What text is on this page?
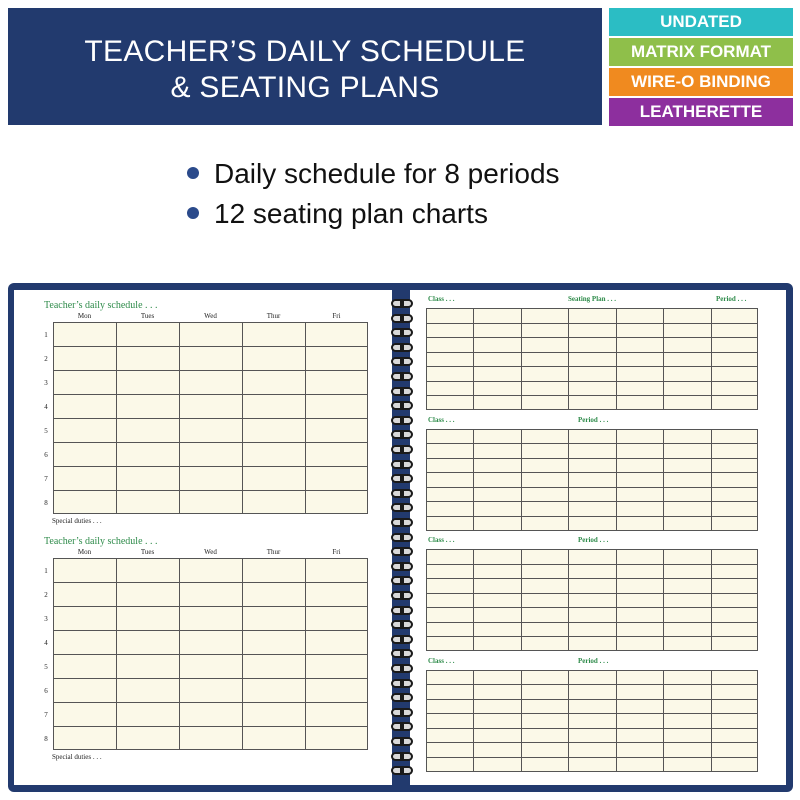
TEACHER’S DAILY SCHEDULE
& SEATING PLANS
UNDATED
MATRIX FORMAT
WIRE-O BINDING
LEATHERETTE COVER
Daily schedule for 8 periods
12 seating plan charts
Teacher’s daily schedule . . .
Mon	Tues	Wed	Thur	Fri
1
2
3
4
5
6
7
8
Special duties . . .
Teacher’s daily schedule . . .
Mon	Tues	Wed	Thur	Fri
1
2
3
4
5
6
7
8
Special duties . . .
Class . . .	Seating Plan . . .	Period . . .
Class . . .	Period . . .
Class . . .	Period . . .
Class . . .	Period . . .
